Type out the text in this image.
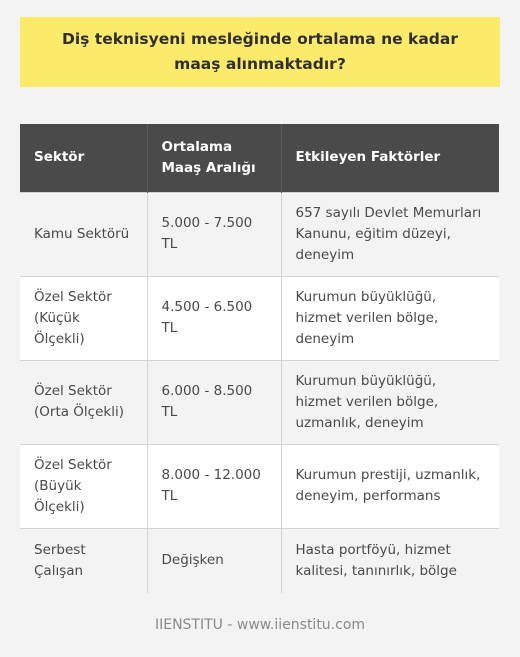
Diş teknisyeni mesleğinde ortalama ne kadar maaş alınmaktadır?
Sektör	Ortalama Maaş Aralığı	Etkileyen Faktörler
Kamu Sektörü	5.000 - 7.500 TL	657 sayılı Devlet Memurları Kanunu, eğitim düzeyi, deneyim
Özel Sektör (Küçük Ölçekli)	4.500 - 6.500 TL	Kurumun büyüklüğü, hizmet verilen bölge, deneyim
Özel Sektör (Orta Ölçekli)	6.000 - 8.500 TL	Kurumun büyüklüğü, hizmet verilen bölge, uzmanlık, deneyim
Özel Sektör (Büyük Ölçekli)	8.000 - 12.000 TL	Kurumun prestiji, uzmanlık, deneyim, performans
Serbest Çalışan	Değişken	Hasta portföyü, hizmet kalitesi, tanınırlık, bölge
IIENSTITU - www.iienstitu.com
